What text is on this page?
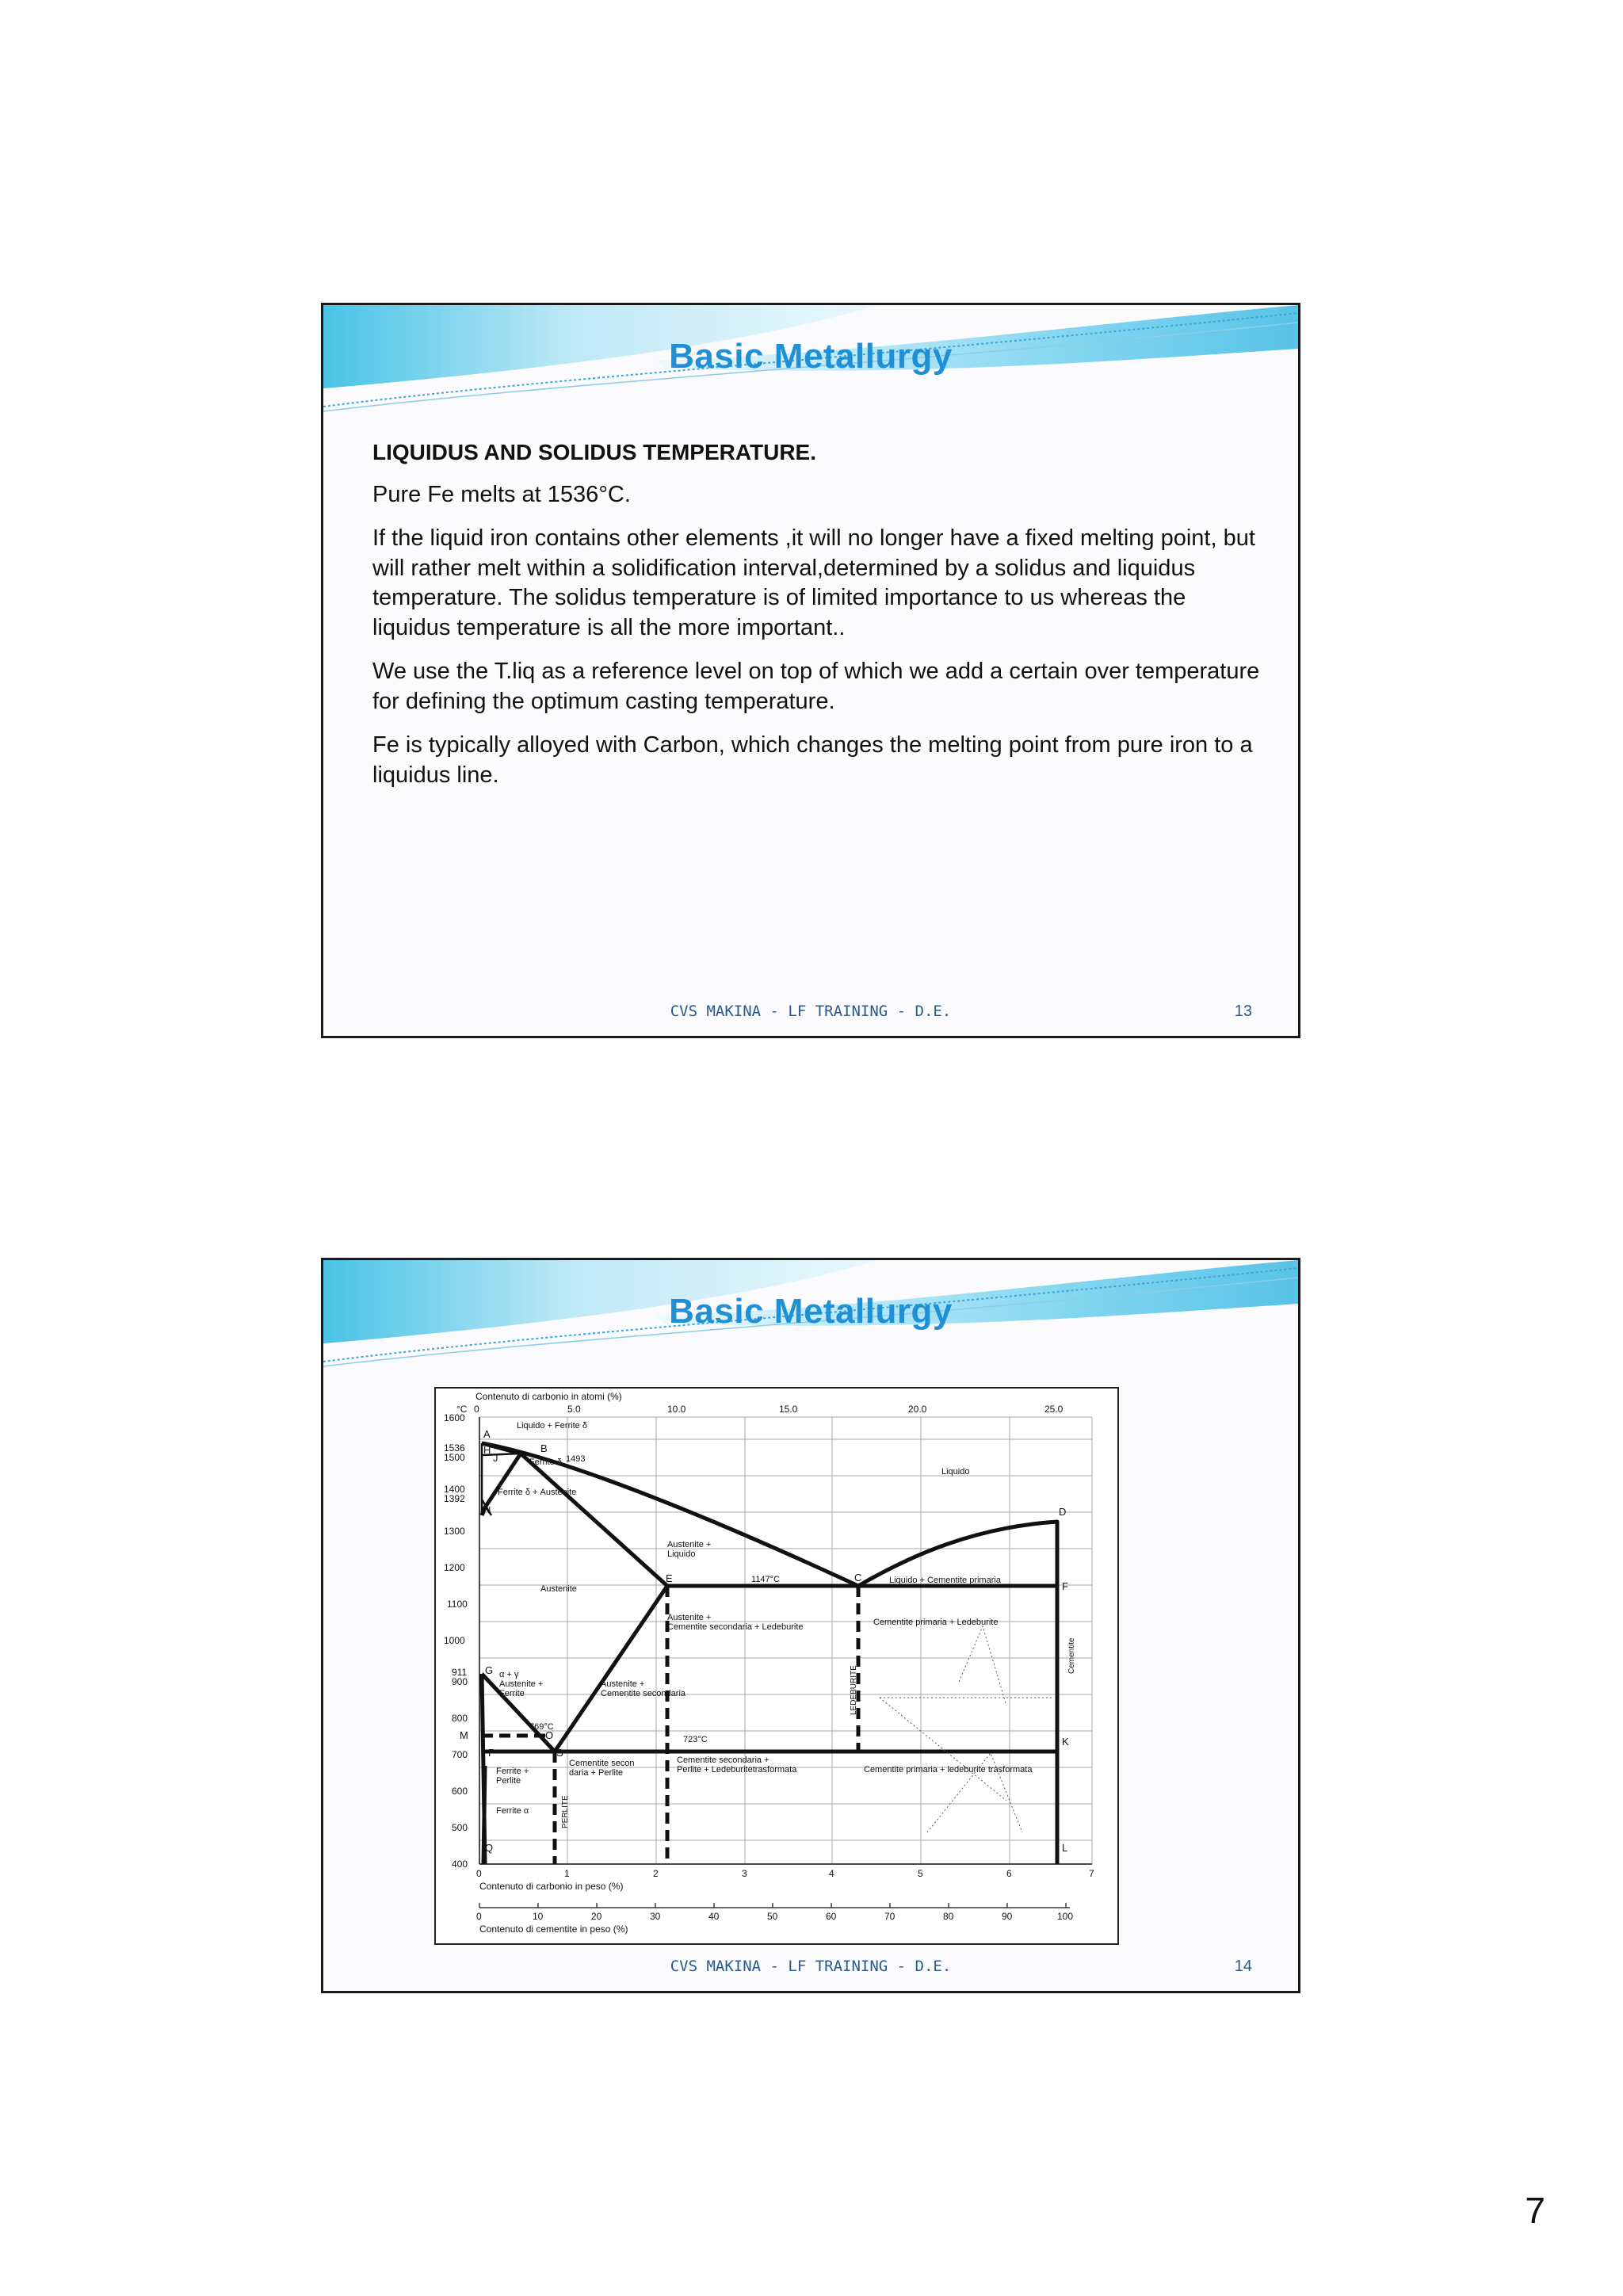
Basic Metallurgy

LIQUIDUS AND SOLIDUS TEMPERATURE.

Pure Fe melts at 1536°C.

If the liquid iron contains other elements ,it will no longer have a fixed melting point, but will rather melt within a solidification interval,determined by a solidus and liquidus temperature. The solidus temperature is of limited importance to us whereas the liquidus temperature is all the more important..

We use the T.liq as a reference level on top of which we add a certain over temperature for defining the optimum casting temperature.

Fe is typically alloyed with Carbon, which changes the melting point from pure iron to a liquidus line.

CVS MAKINA - LF TRAINING - D.E.	13
Basic Metallurgy
Contenuto di carbonio in atomi (%)
0	5.0	10.0	15.0	20.0	25.0
°C
1600
1536
1500
1400
1392
1300
1200
1100
1000
911
900
800
700
600
500
400
0	1	2	3	4	5	6	7
Contenuto di carbonio in peso (%)
0	10	20	30	40	50	60	70	80	90	100
Contenuto di cementite in peso (%)
A
B
H
J
N	D
E	C
F
G
M	O
P	S
K
Q	L
Liquido + Ferrite δ
Ferrite δ 1493
Ferrite δ + Austenite
Liquido
Austenite +
Liquido
Austenite
1147°C	Liquido + Cementite primaria
Austenite +
Cementite secondaria + Ledeburite	Cementite primaria + Ledeburite
α + γ
Austenite +
Ferrite
Austenite +
Cementite secondaria
769°C
723°C
Cementite secon
daria + Perlite
Cementite secondaria +
Perlite + Ledeburitetrasformata	Cementite primaria + ledeburite trasformata
Ferrite +
Perlite
Ferrite α	PERLITE
LEDEBURITE
Cementite
CVS MAKINA - LF TRAINING - D.E.	14
7
